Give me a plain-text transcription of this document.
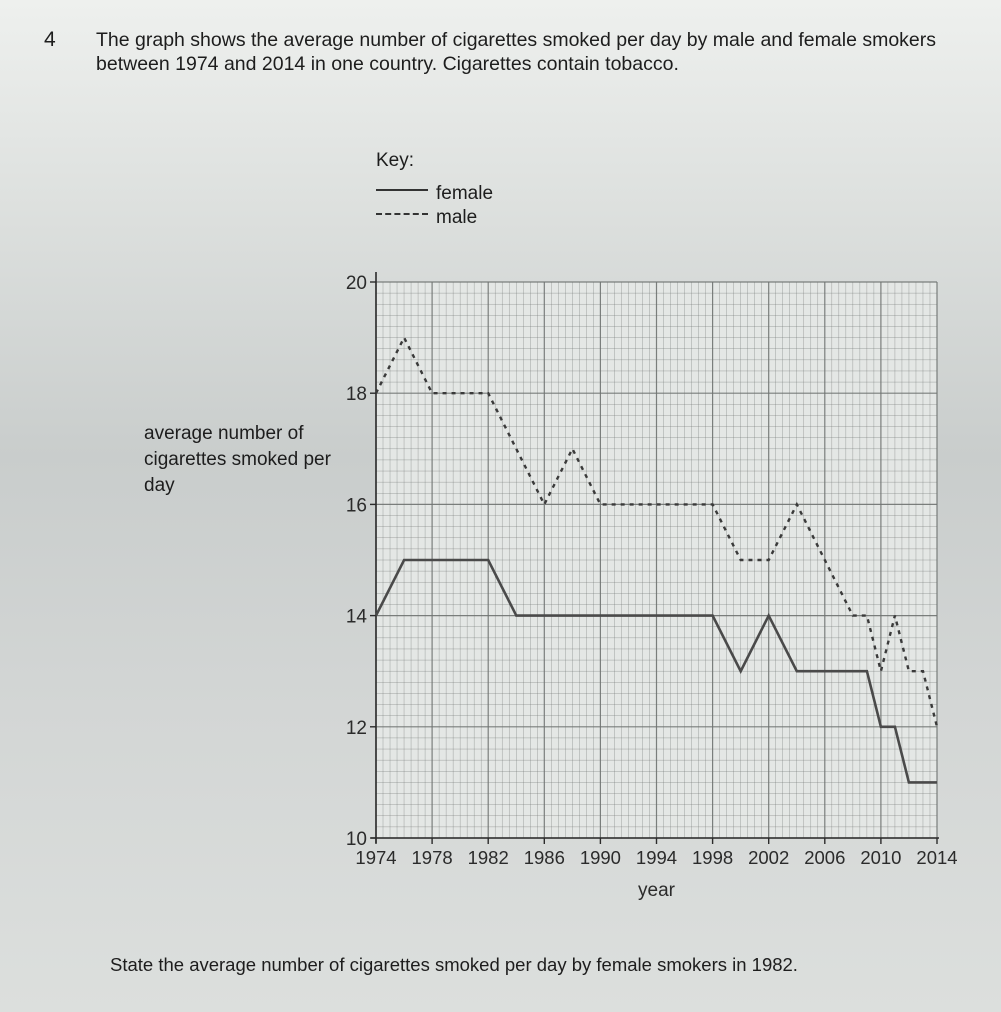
4 The graph shows the average number of cigarettes smoked per day by male and female smokers between 1974 and 2014 in one country. Cigarettes contain tobacco.
Key:
female
male
average number of cigarettes smoked per day
1974 1978 1982 1986 1990 1994 1998 2002 2006 2010 2014
10
12
14
16
18
20
year
State the average number of cigarettes smoked per day by female smokers in 1982.
